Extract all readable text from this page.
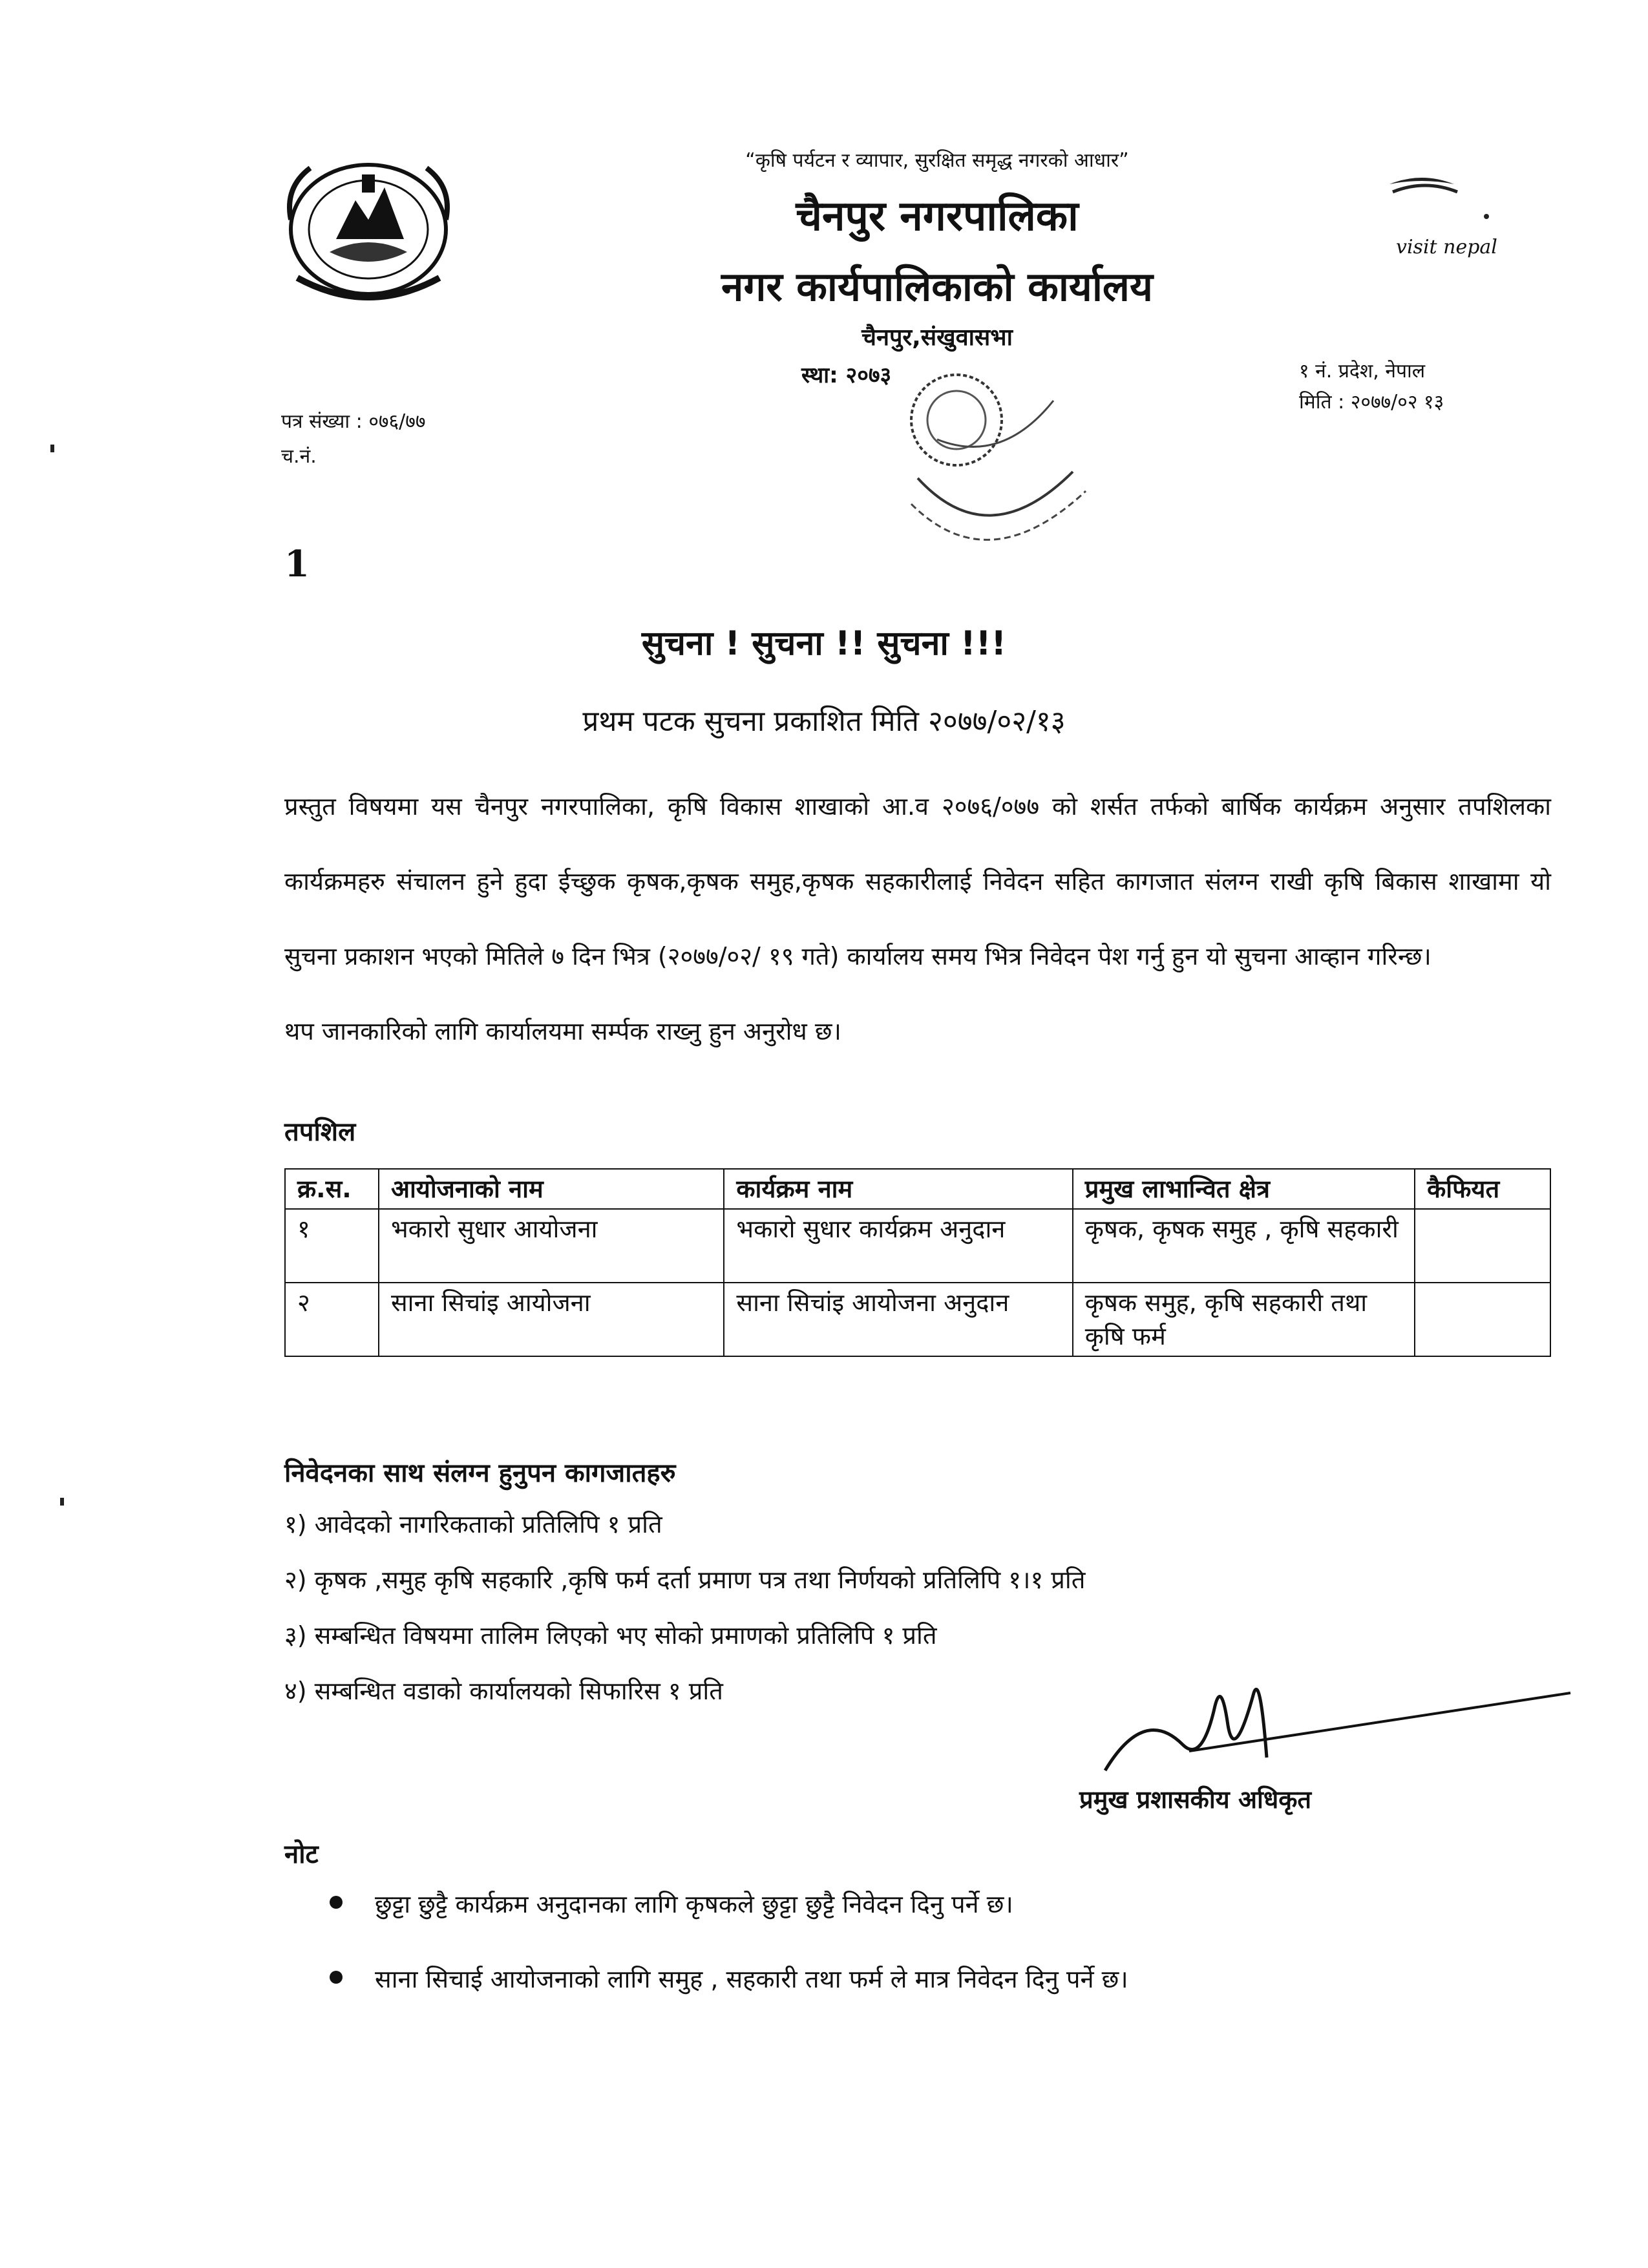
visit nepal
“कृषि पर्यटन र व्यापार, सुरक्षित समृद्ध नगरको आधार”
चैनपुर नगरपालिका
नगर कार्यपालिकाको कार्यालय
चैनपुर,संखुवासभा
स्था: २०७३	१ नं. प्रदेश, नेपाल
मिति : २०७७/०२ १३
पत्र संख्या : ०७६/७७
च.नं.
1
सुचना ! सुचना !! सुचना !!!
प्रथम पटक सुचना प्रकाशित मिति २०७७/०२/१३

प्रस्तुत विषयमा यस चैनपुर नगरपालिका, कृषि विकास शाखाको आ.व २०७६/०७७ को शर्सत तर्फको बार्षिक कार्यक्रम अनुसार तपशिलका कार्यक्रमहरु संचालन हुने हुदा ईच्छुक कृषक,कृषक समुह,कृषक सहकारीलाई निवेदन सहित कागजात संलग्न राखी कृषि बिकास शाखामा यो सुचना प्रकाशन भएको मितिले ७ दिन भित्र (२०७७/०२/ १९ गते) कार्यालय समय भित्र निवेदन पेश गर्नु हुन यो सुचना आव्हान गरिन्छ।

थप जानकारिको लागि कार्यालयमा सर्म्पक राख्नु हुन अनुरोध छ।

तपशिल
क्र.स.	आयोजनाको नाम	कार्यक्रम नाम	प्रमुख लाभान्वित क्षेत्र	कैफियत
१	भकारो सुधार आयोजना	भकारो सुधार कार्यक्रम अनुदान	कृषक, कृषक समुह , कृषि सहकारी	
२	साना सिचांइ आयोजना	साना सिचांइ आयोजना अनुदान	कृषक समुह, कृषि सहकारी तथा कृषि फर्म	
निवेदनका साथ संलग्न हुनुपन कागजातहरु
१) आवेदको नागरिकताको प्रतिलिपि १ प्रति
२) कृषक ,समुह कृषि सहकारि ,कृषि फर्म दर्ता प्रमाण पत्र तथा निर्णयको प्रतिलिपि १।१ प्रति
३) सम्बन्धित विषयमा तालिम लिएको भए सोको प्रमाणको प्रतिलिपि १ प्रति
४) सम्बन्धित वडाको कार्यालयको सिफारिस १ प्रति
प्रमुख प्रशासकीय अधिकृत
नोट
छुट्टा छुट्टै कार्यक्रम अनुदानका लागि कृषकले छुट्टा छुट्टै निवेदन दिनु पर्ने छ।
साना सिचाई आयोजनाको लागि समुह , सहकारी तथा फर्म ले मात्र निवेदन दिनु पर्ने छ।
